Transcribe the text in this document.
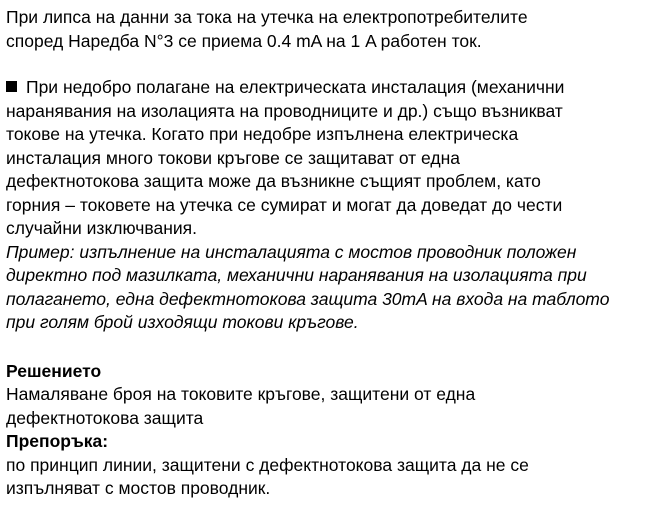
При липса на данни за тока на утечка на електропотребителите
според Наредба N°3 се приема 0.4 mA на 1 A работен ток.
При недобро полагане на електрическата инсталация (механични
наранявания на изолацията на проводниците и др.) също възникват
токове на утечка. Когато при недобре изпълнена електрическа
инсталация много токови кръгове се защитават от една
дефектнотокова защита може да възникне същият проблем, като
горния – токовете на утечка се сумират и могат да доведат до чести
случайни изключвания.
Пример: изпълнение на инсталацията с мостов проводник положен
директно под мазилката, механични наранявания на изолацията при
полагането, една дефектнотокова защита 30mA на входа на таблото
при голям брой изходящи токови кръгове.
Решението
Намаляване броя на токовите кръгове, защитени от една
дефектнотокова защита
Препоръка:
по принцип линии, защитени с дефектнотокова защита да не се
изпълняват с мостов проводник.
